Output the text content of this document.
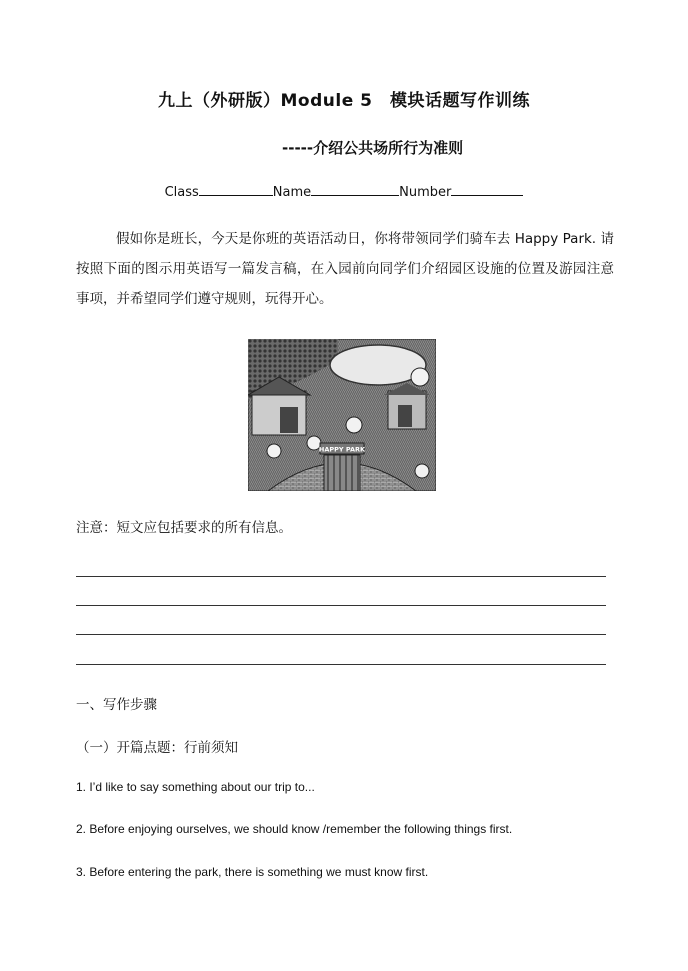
九上（外研版）Module 5　模块话题写作训练
-----介绍公共场所行为准则
Class	Name	Number
假如你是班长，今天是你班的英语活动日，你将带领同学们骑车去 Happy Park. 请按照下面的图示用英语写一篇发言稿，在入园前向同学们介绍园区设施的位置及游园注意事项，并希望同学们遵守规则，玩得开心。
HAPPY PARK
注意：短文应包括要求的所有信息。
一、写作步骤
（一）开篇点题：行前须知
1. I’d like to say something about our trip to...
2. Before enjoying ourselves, we should know /remember the following things first.
3. Before entering the park, there is something we must know first.
